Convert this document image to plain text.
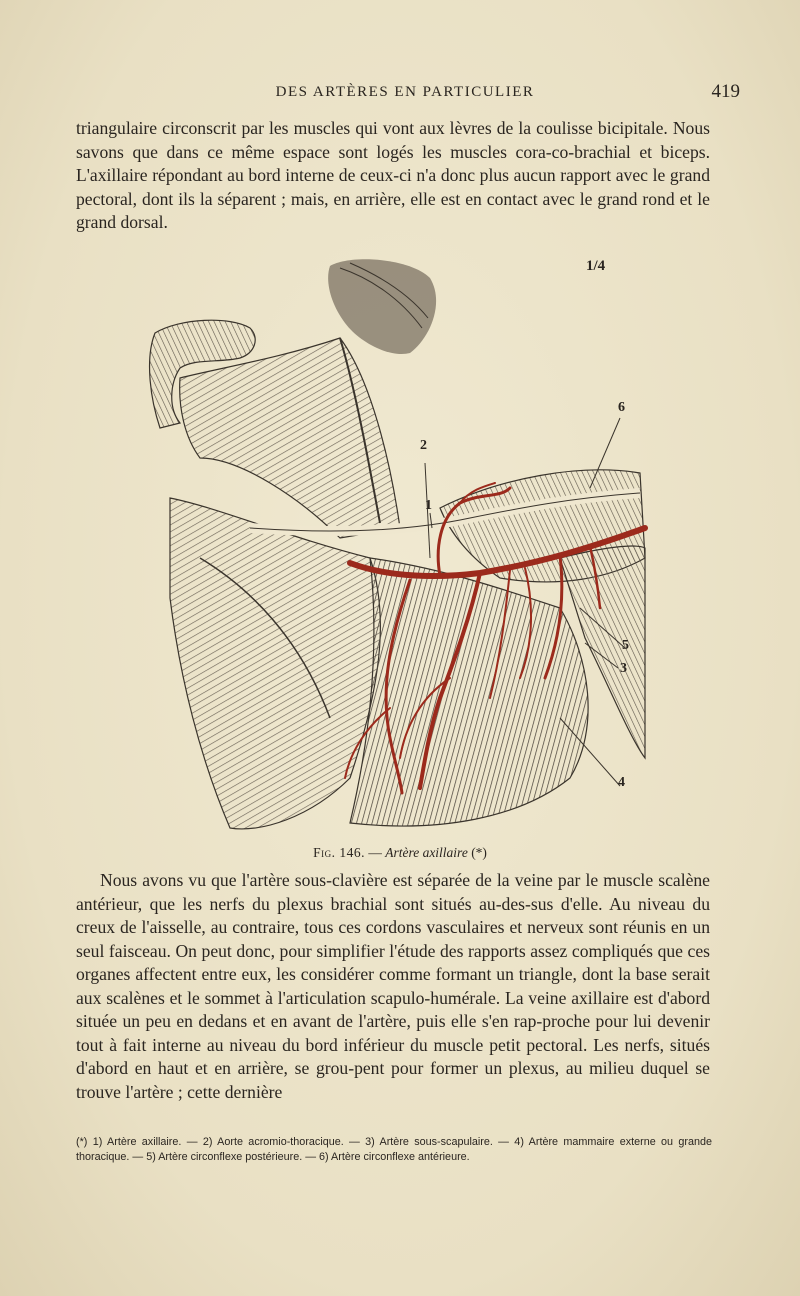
DES ARTÈRES EN PARTICULIER	419

triangulaire circonscrit par les muscles qui vont aux lèvres de la coulisse bicipitale. Nous savons que dans ce même espace sont logés les muscles cora-co-brachial et biceps. L'axillaire répondant au bord interne de ceux-ci n'a donc plus aucun rapport avec le grand pectoral, dont ils la séparent ; mais, en arrière, elle est en contact avec le grand rond et le grand dorsal.

1
2
3
4
5
6
1/4
Fig. 146. — Artère axillaire (*)

Nous avons vu que l'artère sous-clavière est séparée de la veine par le muscle scalène antérieur, que les nerfs du plexus brachial sont situés au-des-sus d'elle. Au niveau du creux de l'aisselle, au contraire, tous ces cordons vasculaires et nerveux sont réunis en un seul faisceau. On peut donc, pour simplifier l'étude des rapports assez compliqués que ces organes affectent entre eux, les considérer comme formant un triangle, dont la base serait aux scalènes et le sommet à l'articulation scapulo-humérale. La veine axillaire est d'abord située un peu en dedans et en avant de l'artère, puis elle s'en rap-proche pour lui devenir tout à fait interne au niveau du bord inférieur du muscle petit pectoral. Les nerfs, situés d'abord en haut et en arrière, se grou-pent pour former un plexus, au milieu duquel se trouve l'artère ; cette dernière

(*) 1) Artère axillaire. — 2) Aorte acromio-thoracique. — 3) Artère sous-scapulaire. — 4) Artère mammaire externe ou grande thoracique. — 5) Artère circonflexe postérieure. — 6) Artère circonflexe antérieure.
